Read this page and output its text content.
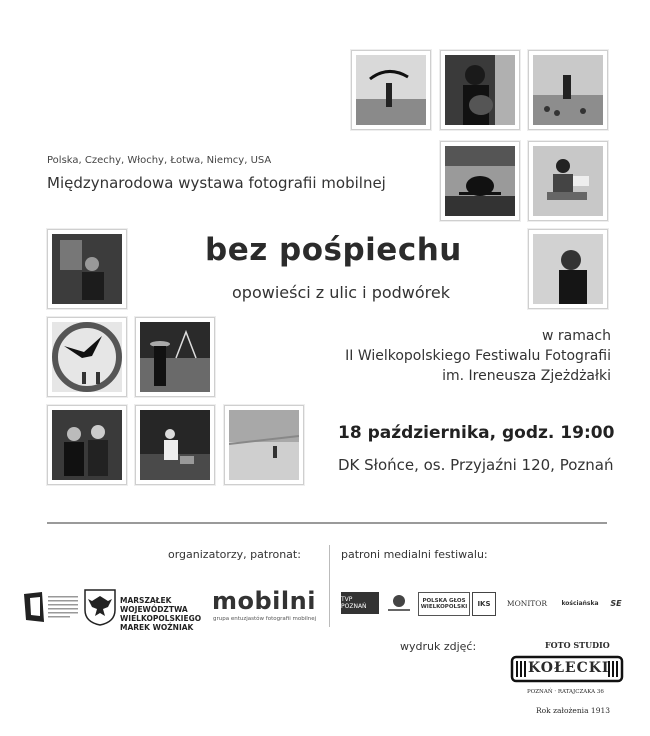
Polska, Czechy, Włochy, Łotwa, Niemcy, USA
Międzynarodowa wystawa fotografii mobilnej
bez pośpiechu
opowieści z ulic i podwórek
w ramach
II Wielkopolskiego Festiwalu Fotografii
im. Ireneusza Zjeżdżałki
18 października, godz. 19:00
DK Słońce, os. Przyjaźni 120, Poznań
organizatorzy, patronat:	patroni medialni festiwalu:
MARSZAŁEK WOJEWÓDZTWA WIELKOPOLSKIEGO MAREK WOŹNIAK
mobilni
grupa entuzjastów fotografii mobilnej
TVP POZNAŃ
POLSKA GŁOS WIELKOPOLSKI IKS MONITOR kościańska SE
wydruk zdjęć:	FOTO STUDIO
KOŁECKI
POZNAŃ · RATAJCZAKA 36
Rok założenia 1913
